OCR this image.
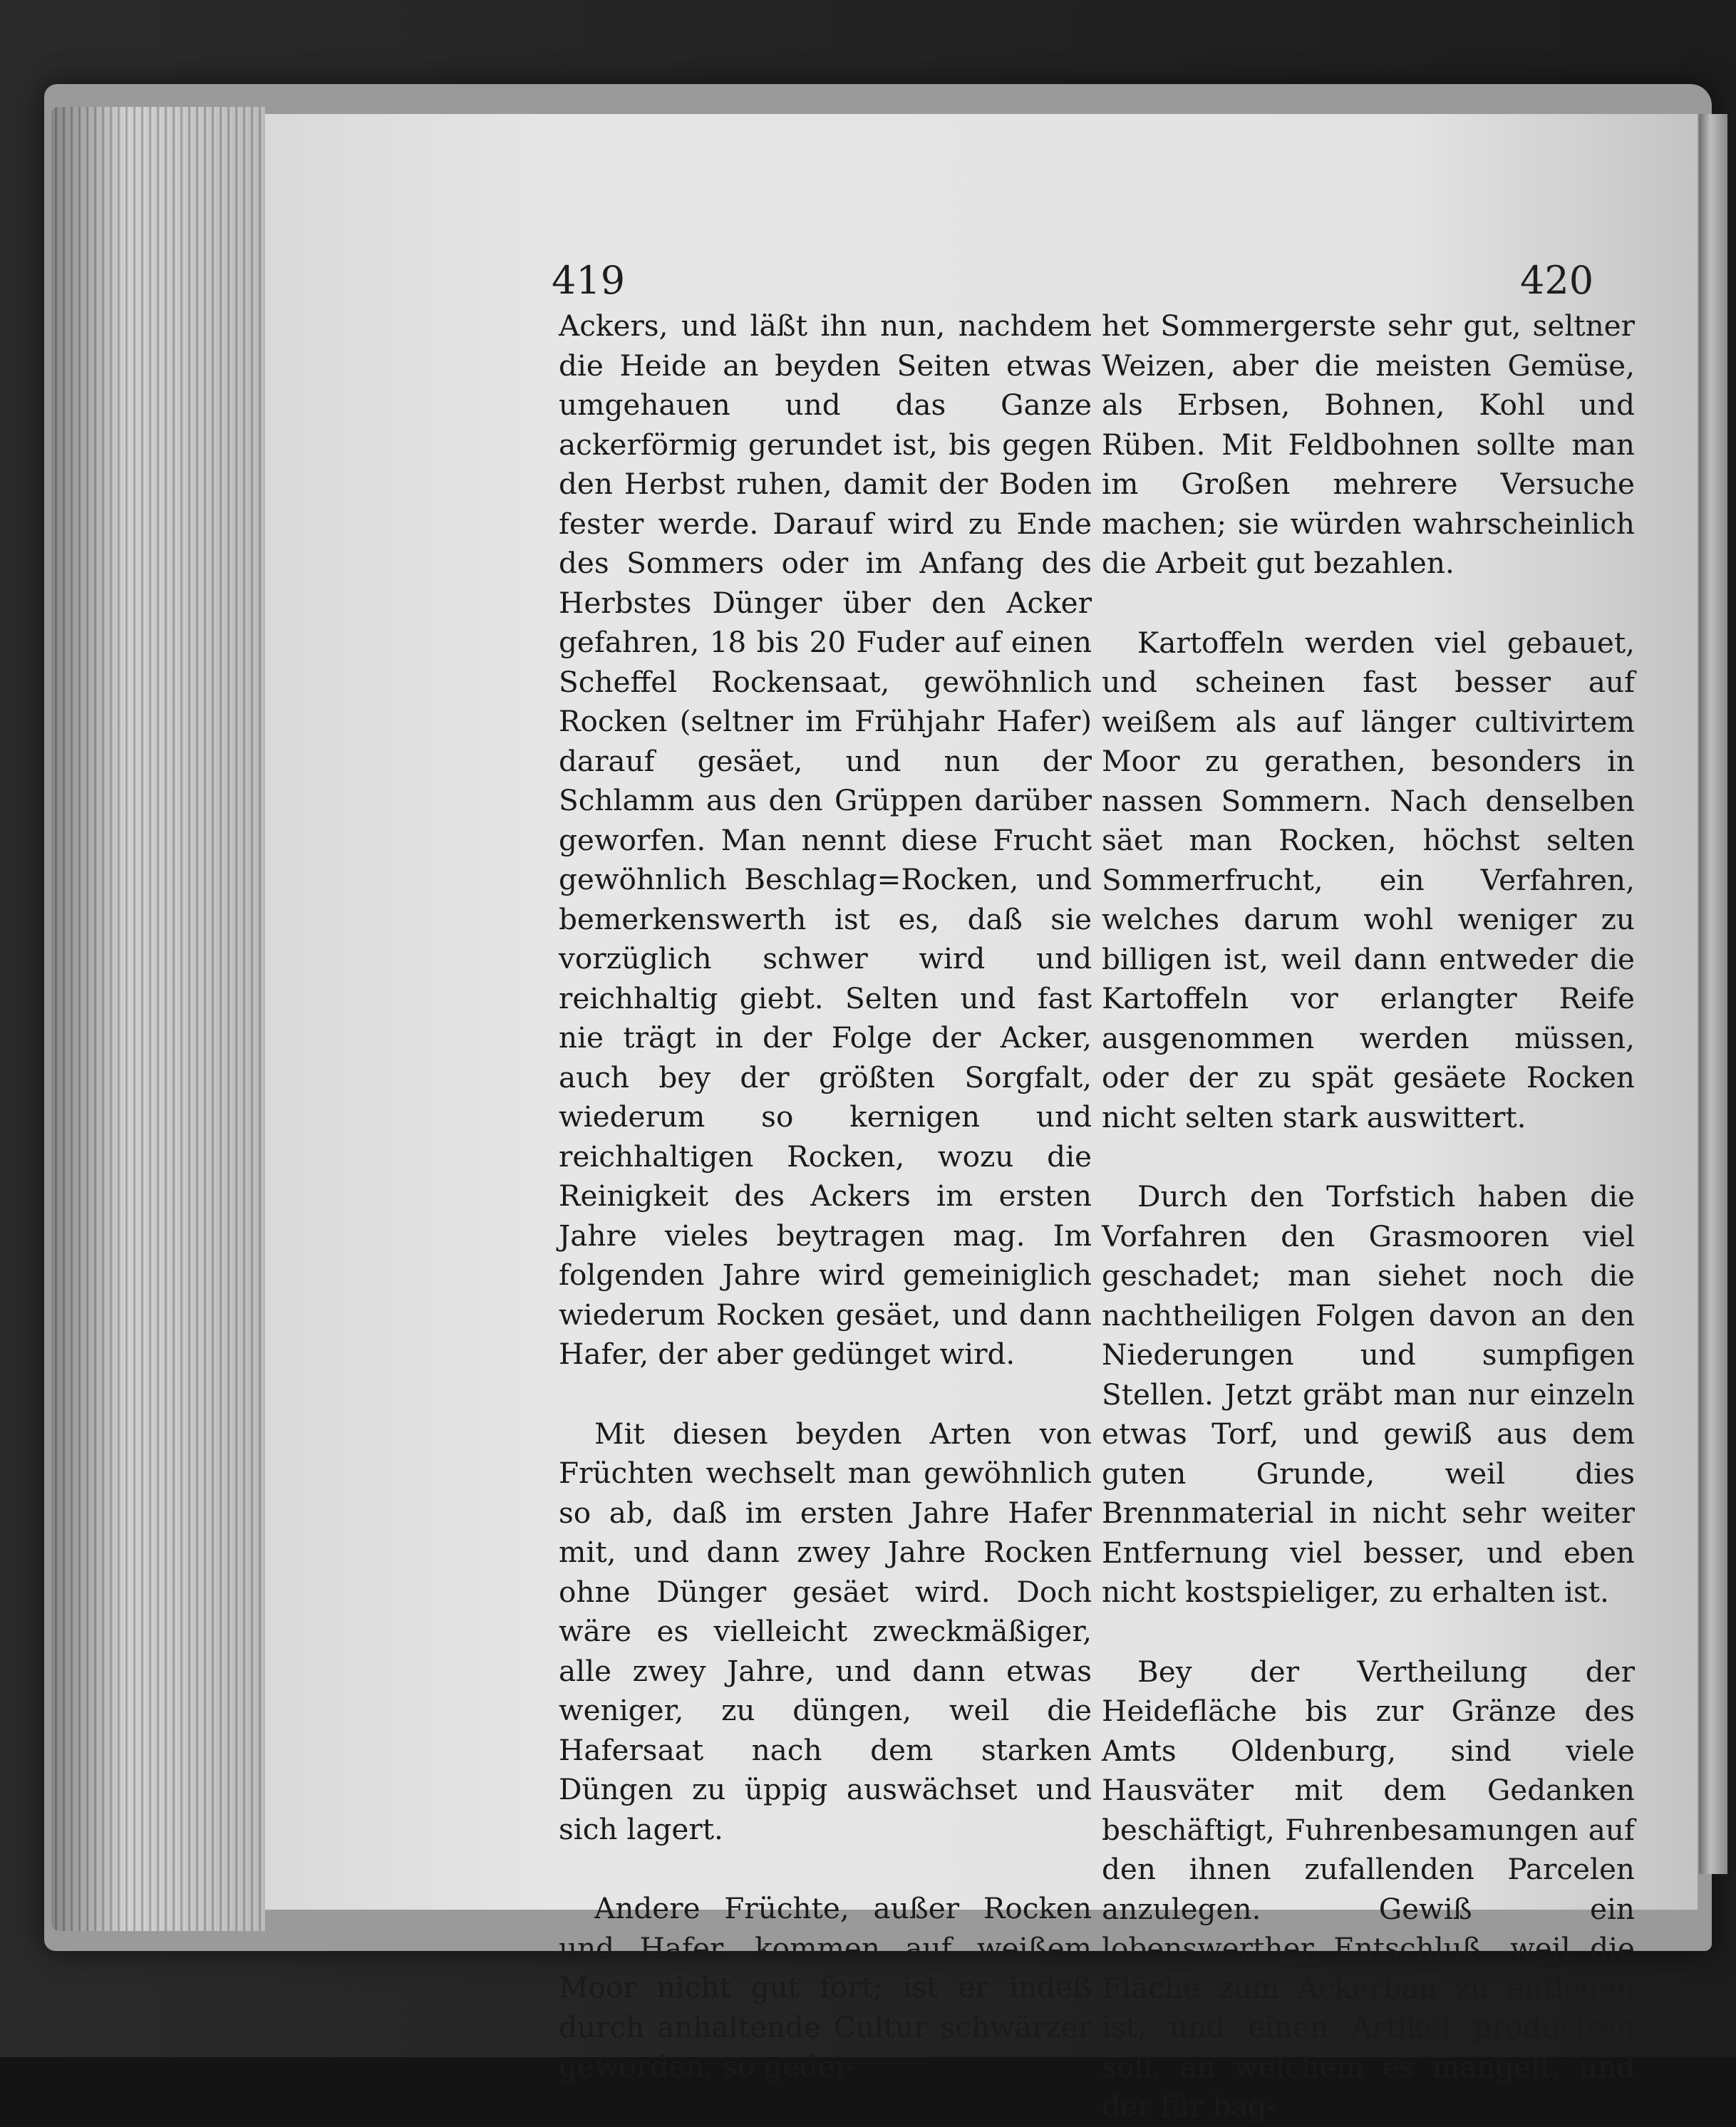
419	420

Ackers, und läßt ihn nun, nachdem die Heide an beyden Seiten etwas umgehauen und das Ganze ackerförmig gerundet ist, bis gegen den Herbst ruhen, damit der Boden fester werde. Darauf wird zu Ende des Sommers oder im Anfang des Herbstes Dünger über den Acker gefahren, 18 bis 20 Fuder auf einen Scheffel Rockensaat, gewöhnlich Rocken (seltner im Frühjahr Hafer) darauf gesäet, und nun der Schlamm aus den Grüppen darüber geworfen. Man nennt diese Frucht gewöhnlich Beschlag=Rocken, und bemerkenswerth ist es, daß sie vorzüglich schwer wird und reichhaltig giebt. Selten und fast nie trägt in der Folge der Acker, auch bey der größten Sorgfalt, wiederum so kernigen und reichhaltigen Rocken, wozu die Reinigkeit des Ackers im ersten Jahre vieles beytragen mag. Im folgenden Jahre wird gemeiniglich wiederum Rocken gesäet, und dann Hafer, der aber gedünget wird.

Mit diesen beyden Arten von Früchten wechselt man gewöhnlich so ab, daß im ersten Jahre Hafer mit, und dann zwey Jahre Rocken ohne Dünger gesäet wird. Doch wäre es vielleicht zweckmäßiger, alle zwey Jahre, und dann etwas weniger, zu düngen, weil die Hafersaat nach dem starken Düngen zu üppig auswächset und sich lagert.

Andere Früchte, außer Rocken und Hafer, kommen auf weißem Moor nicht gut fort; ist er indeß durch anhaltende Cultur schwärzer geworden, so gedei-

het Sommergerste sehr gut, seltner Weizen, aber die meisten Gemüse, als Erbsen, Bohnen, Kohl und Rüben. Mit Feldbohnen sollte man im Großen mehrere Versuche machen; sie würden wahrscheinlich die Arbeit gut bezahlen.

Kartoffeln werden viel gebauet, und scheinen fast besser auf weißem als auf länger cultivirtem Moor zu gerathen, besonders in nassen Sommern. Nach denselben säet man Rocken, höchst selten Sommerfrucht, ein Verfahren, welches darum wohl weniger zu billigen ist, weil dann entweder die Kartoffeln vor erlangter Reife ausgenommen werden müssen, oder der zu spät gesäete Rocken nicht selten stark auswittert.

Durch den Torfstich haben die Vorfahren den Grasmooren viel geschadet; man siehet noch die nachtheiligen Folgen davon an den Niederungen und sumpfigen Stellen. Jetzt gräbt man nur einzeln etwas Torf, und gewiß aus dem guten Grunde, weil dies Brennmaterial in nicht sehr weiter Entfernung viel besser, und eben nicht kostspieliger, zu erhalten ist.

Bey der Vertheilung der Heidefläche bis zur Gränze des Amts Oldenburg, sind viele Hausväter mit dem Gedanken beschäftigt, Fuhrenbesamungen auf den ihnen zufallenden Parcelen anzulegen. Gewiß ein lobenswerther Entschluß, weil die Fläche zum Ackerbau zu entlegen ist, und einen Artikel produciren soll, an welchem es mangelt, und der für bag-
